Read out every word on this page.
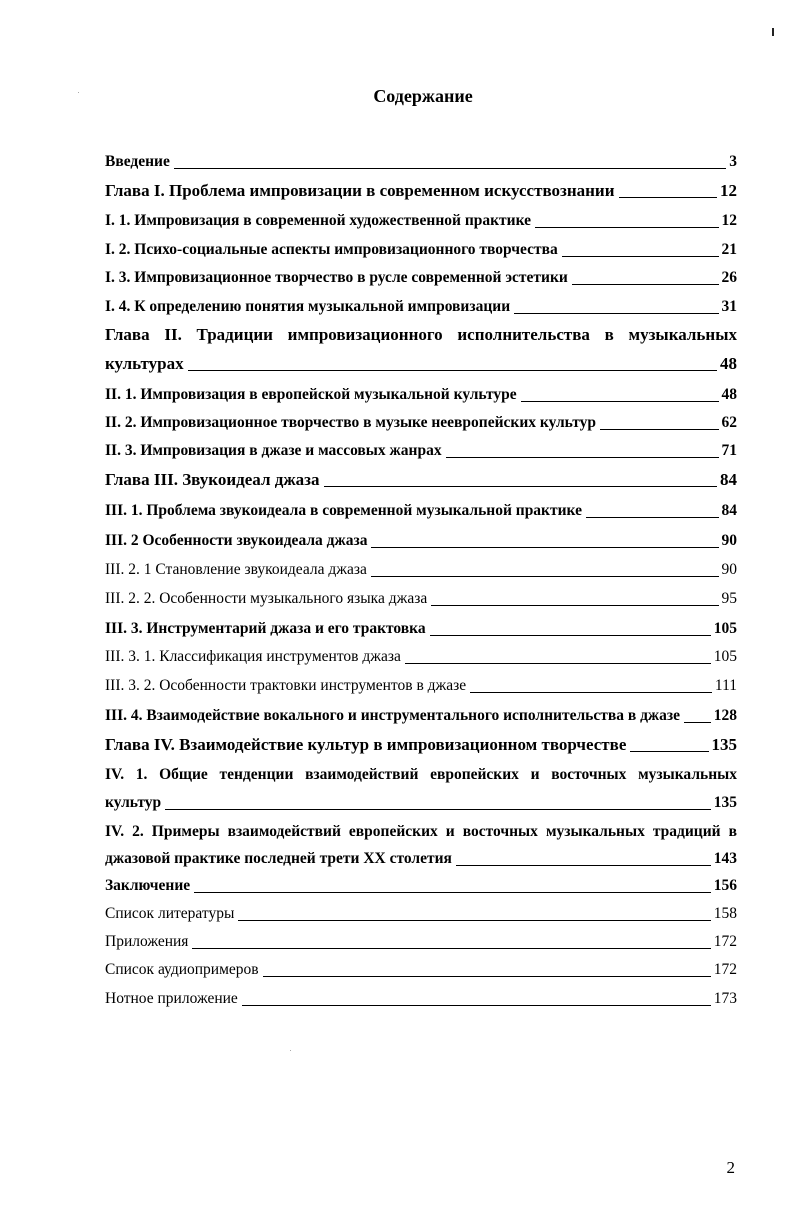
Содержание
Введение	3
Глава I. Проблема импровизации в современном искусствознании	12
I. 1. Импровизация в современной художественной практике	12
I. 2. Психо-социальные аспекты импровизационного творчества	21
I. 3. Импровизационное творчество в русле современной эстетики	26
I. 4. К определению понятия музыкальной импровизации	31
Глава II. Традиции импровизационного исполнительства в музыкальных
культурах	48
II. 1. Импровизация в европейской музыкальной культуре	48
II. 2. Импровизационное творчество в музыке неевропейских культур	62
II. 3. Импровизация в джазе и массовых жанрах	71
Глава III. Звукоидеал джаза	84
III. 1. Проблема звукоидеала в современной музыкальной практике	84
III. 2 Особенности звукоидеала джаза	90
III. 2. 1 Становление звукоидеала джаза	90
III. 2. 2. Особенности музыкального языка джаза	95
III. 3. Инструментарий джаза и его трактовка	105
III. 3. 1. Классификация инструментов джаза	105
III. 3. 2. Особенности трактовки инструментов в джазе	111
III. 4. Взаимодействие вокального и инструментального исполнительства в джазе 128
Глава IV. Взаимодействие культур в импровизационном творчестве	135
IV. 1. Общие тенденции взаимодействий европейских и восточных музыкальных
культур	135
IV. 2. Примеры взаимодействий европейских и восточных музыкальных традиций в
джазовой практике последней трети XX столетия	143
Заключение	156
Список литературы	158
Приложения	172
Список аудиопримеров	172
Нотное приложение	173
2
